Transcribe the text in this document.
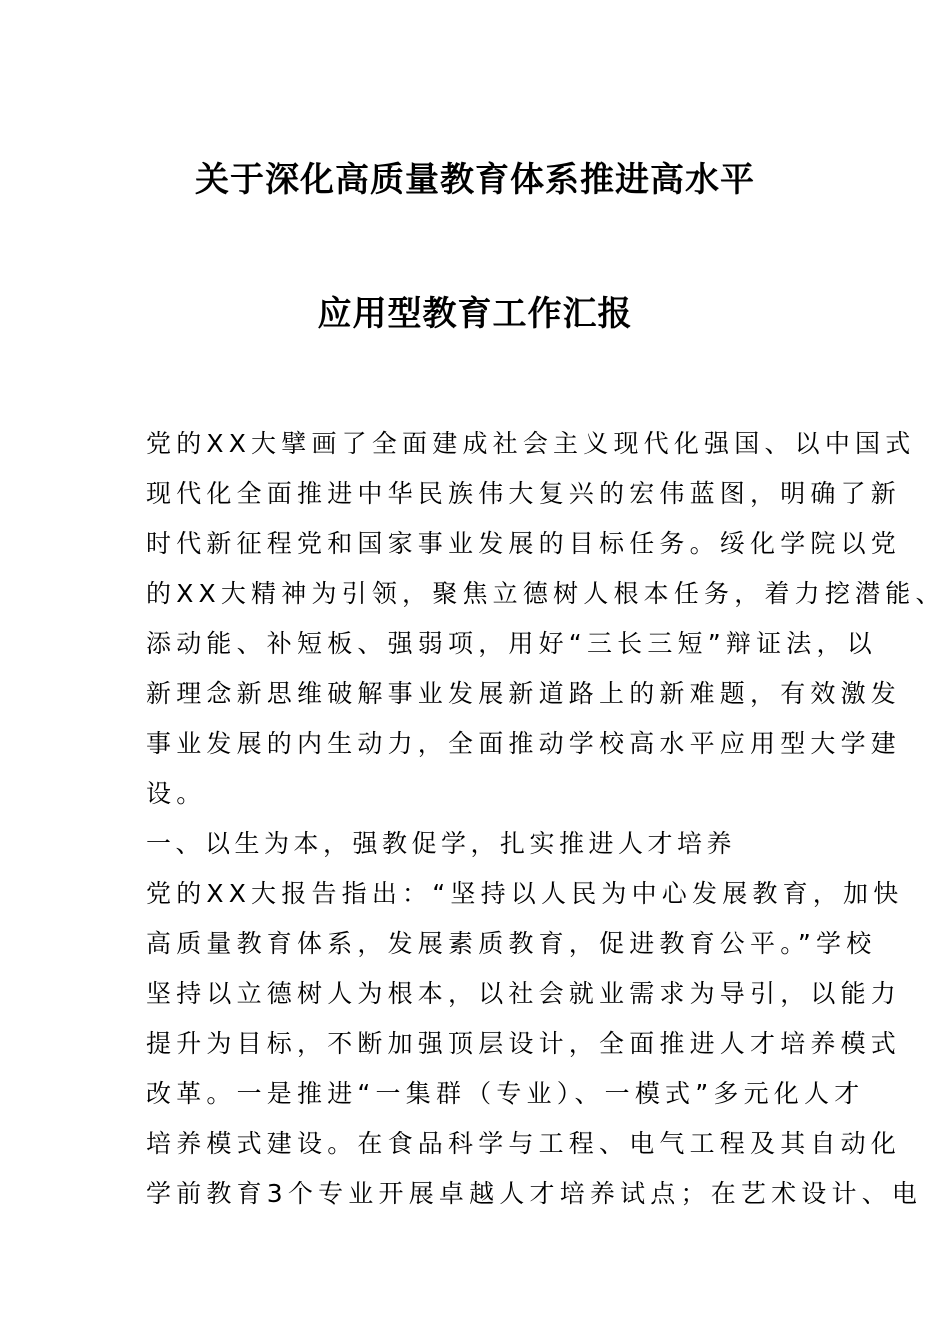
关于深化高质量教育体系推进高水平
应用型教育工作汇报
党的XX大擘画了全面建成社会主义现代化强国、以中国式
现代化全面推进中华民族伟大复兴的宏伟蓝图，明确了新
时代新征程党和国家事业发展的目标任务。绥化学院以党
的XX大精神为引领，聚焦立德树人根本任务，着力挖潜能、
添动能、补短板、强弱项，用好“三长三短”辩证法，以
新理念新思维破解事业发展新道路上的新难题，有效激发
事业发展的内生动力，全面推动学校高水平应用型大学建
设。
一、以生为本，强教促学，扎实推进人才培养
党的XX大报告指出：“坚持以人民为中心发展教育，加快
高质量教育体系，发展素质教育，促进教育公平。”学校
坚持以立德树人为根本，以社会就业需求为导引，以能力
提升为目标，不断加强顶层设计，全面推进人才培养模式
改革。一是推进“一集群（专业）、一模式”多元化人才
培养模式建设。在食品科学与工程、电气工程及其自动化
学前教育3个专业开展卓越人才培养试点；在艺术设计、电
